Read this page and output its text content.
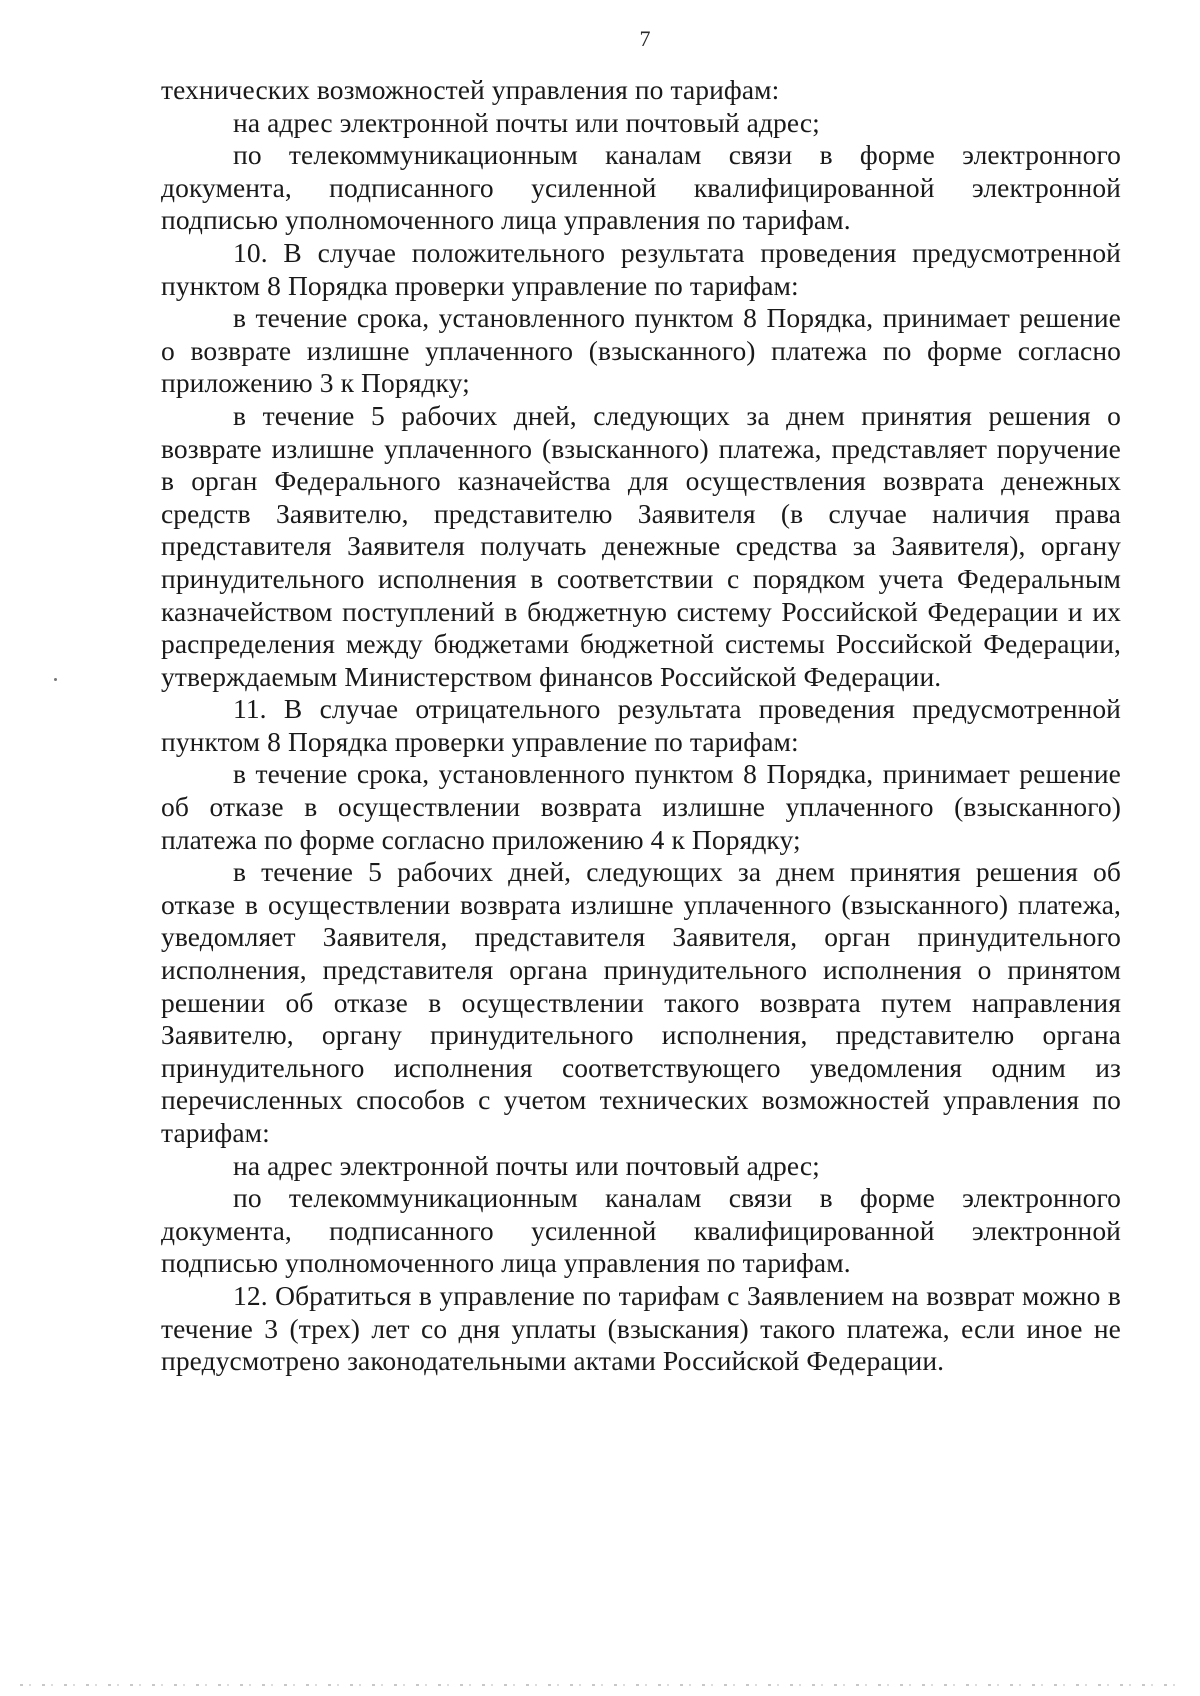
7

технических возможностей управления по тарифам:

на адрес электронной почты или почтовый адрес;

по телекоммуникационным каналам связи в форме электронного документа, подписанного усиленной квалифицированной электронной подписью уполномоченного лица управления по тарифам.

10. В случае положительного результата проведения предусмотренной пунктом 8 Порядка проверки управление по тарифам:

в течение срока, установленного пунктом 8 Порядка, принимает решение о возврате излишне уплаченного (взысканного) платежа по форме согласно приложению 3 к Порядку;

в течение 5 рабочих дней, следующих за днем принятия решения о возврате излишне уплаченного (взысканного) платежа, представляет поручение в орган Федерального казначейства для осуществления возврата денежных средств Заявителю, представителю Заявителя (в случае наличия права представителя Заявителя получать денежные средства за Заявителя), органу принудительного исполнения в соответствии с порядком учета Федеральным казначейством поступлений в бюджетную систему Российской Федерации и их распределения между бюджетами бюджетной системы Российской Федерации, утверждаемым Министерством финансов Российской Федерации.

11. В случае отрицательного результата проведения предусмотренной пунктом 8 Порядка проверки управление по тарифам:

в течение срока, установленного пунктом 8 Порядка, принимает решение об отказе в осуществлении возврата излишне уплаченного (взысканного) платежа по форме согласно приложению 4 к Порядку;

в течение 5 рабочих дней, следующих за днем принятия решения об отказе в осуществлении возврата излишне уплаченного (взысканного) платежа, уведомляет Заявителя, представителя Заявителя, орган принудительного исполнения, представителя органа принудительного исполнения о принятом решении об отказе в осуществлении такого возврата путем направления Заявителю, органу принудительного исполнения, представителю органа принудительного исполнения соответствующего уведомления одним из перечисленных способов с учетом технических возможностей управления по тарифам:

на адрес электронной почты или почтовый адрес;

по телекоммуникационным каналам связи в форме электронного документа, подписанного усиленной квалифицированной электронной подписью уполномоченного лица управления по тарифам.

12. Обратиться в управление по тарифам с Заявлением на возврат можно в течение 3 (трех) лет со дня уплаты (взыскания) такого платежа, если иное не предусмотрено законодательными актами Российской Федерации.
